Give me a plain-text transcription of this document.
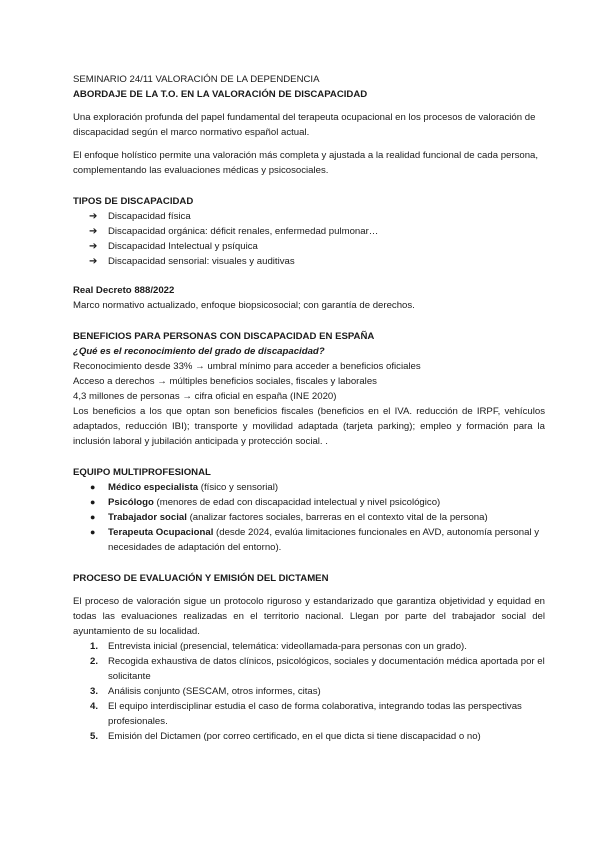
SEMINARIO 24/11 VALORACIÓN DE LA DEPENDENCIA

ABORDAJE DE LA T.O. EN LA VALORACIÓN DE DISCAPACIDAD

Una exploración profunda del papel fundamental del terapeuta ocupacional en los procesos de valoración de discapacidad según el marco normativo español actual.

El enfoque holístico permite una valoración más completa y ajustada a la realidad funcional de cada persona, complementando las evaluaciones médicas y psicosociales.

TIPOS DE DISCAPACIDAD

➔ Discapacidad física
➔ Discapacidad orgánica: déficit renales, enfermedad pulmonar…
➔ Discapacidad Intelectual y psíquica
➔ Discapacidad sensorial: visuales y auditivas

Real Decreto 888/2022

Marco normativo actualizado, enfoque biopsicosocial; con garantía de derechos.

BENEFICIOS PARA PERSONAS CON DISCAPACIDAD EN ESPAÑA

¿Qué es el reconocimiento del grado de discapacidad?

Reconocimiento desde 33% → umbral mínimo para acceder a beneficios oficiales

Acceso a derechos → múltiples beneficios sociales, fiscales y laborales

4,3 millones de personas → cifra oficial en españa (INE 2020)

Los beneficios a los que optan son beneficios fiscales (beneficios en el IVA. reducción de IRPF, vehículos adaptados, reducción IBI); transporte y movilidad adaptada (tarjeta parking); empleo y formación para la inclusión laboral y jubilación anticipada y protección social. .

EQUIPO MULTIPROFESIONAL

● Médico especialista (físico y sensorial)
● Psicólogo (menores de edad con discapacidad intelectual y nivel psicológico)
● Trabajador social (analizar factores sociales, barreras en el contexto vital de la persona)
● Terapeuta Ocupacional (desde 2024, evalúa limitaciones funcionales en AVD, autonomía personal y necesidades de adaptación del entorno).

PROCESO DE EVALUACIÓN Y EMISIÓN DEL DICTAMEN

El proceso de valoración sigue un protocolo riguroso y estandarizado que garantiza objetividad y equidad en todas las evaluaciones realizadas en el territorio nacional. Llegan por parte del trabajador social del ayuntamiento de su localidad.

1. Entrevista inicial (presencial, telemática: videollamada-para personas con un grado).
2. Recogida exhaustiva de datos clínicos, psicológicos, sociales y documentación médica aportada por el solicitante
3. Análisis conjunto (SESCAM, otros informes, citas)
4. El equipo interdisciplinar estudia el caso de forma colaborativa, integrando todas las perspectivas profesionales.
5. Emisión del Dictamen (por correo certificado, en el que dicta si tiene discapacidad o no)
